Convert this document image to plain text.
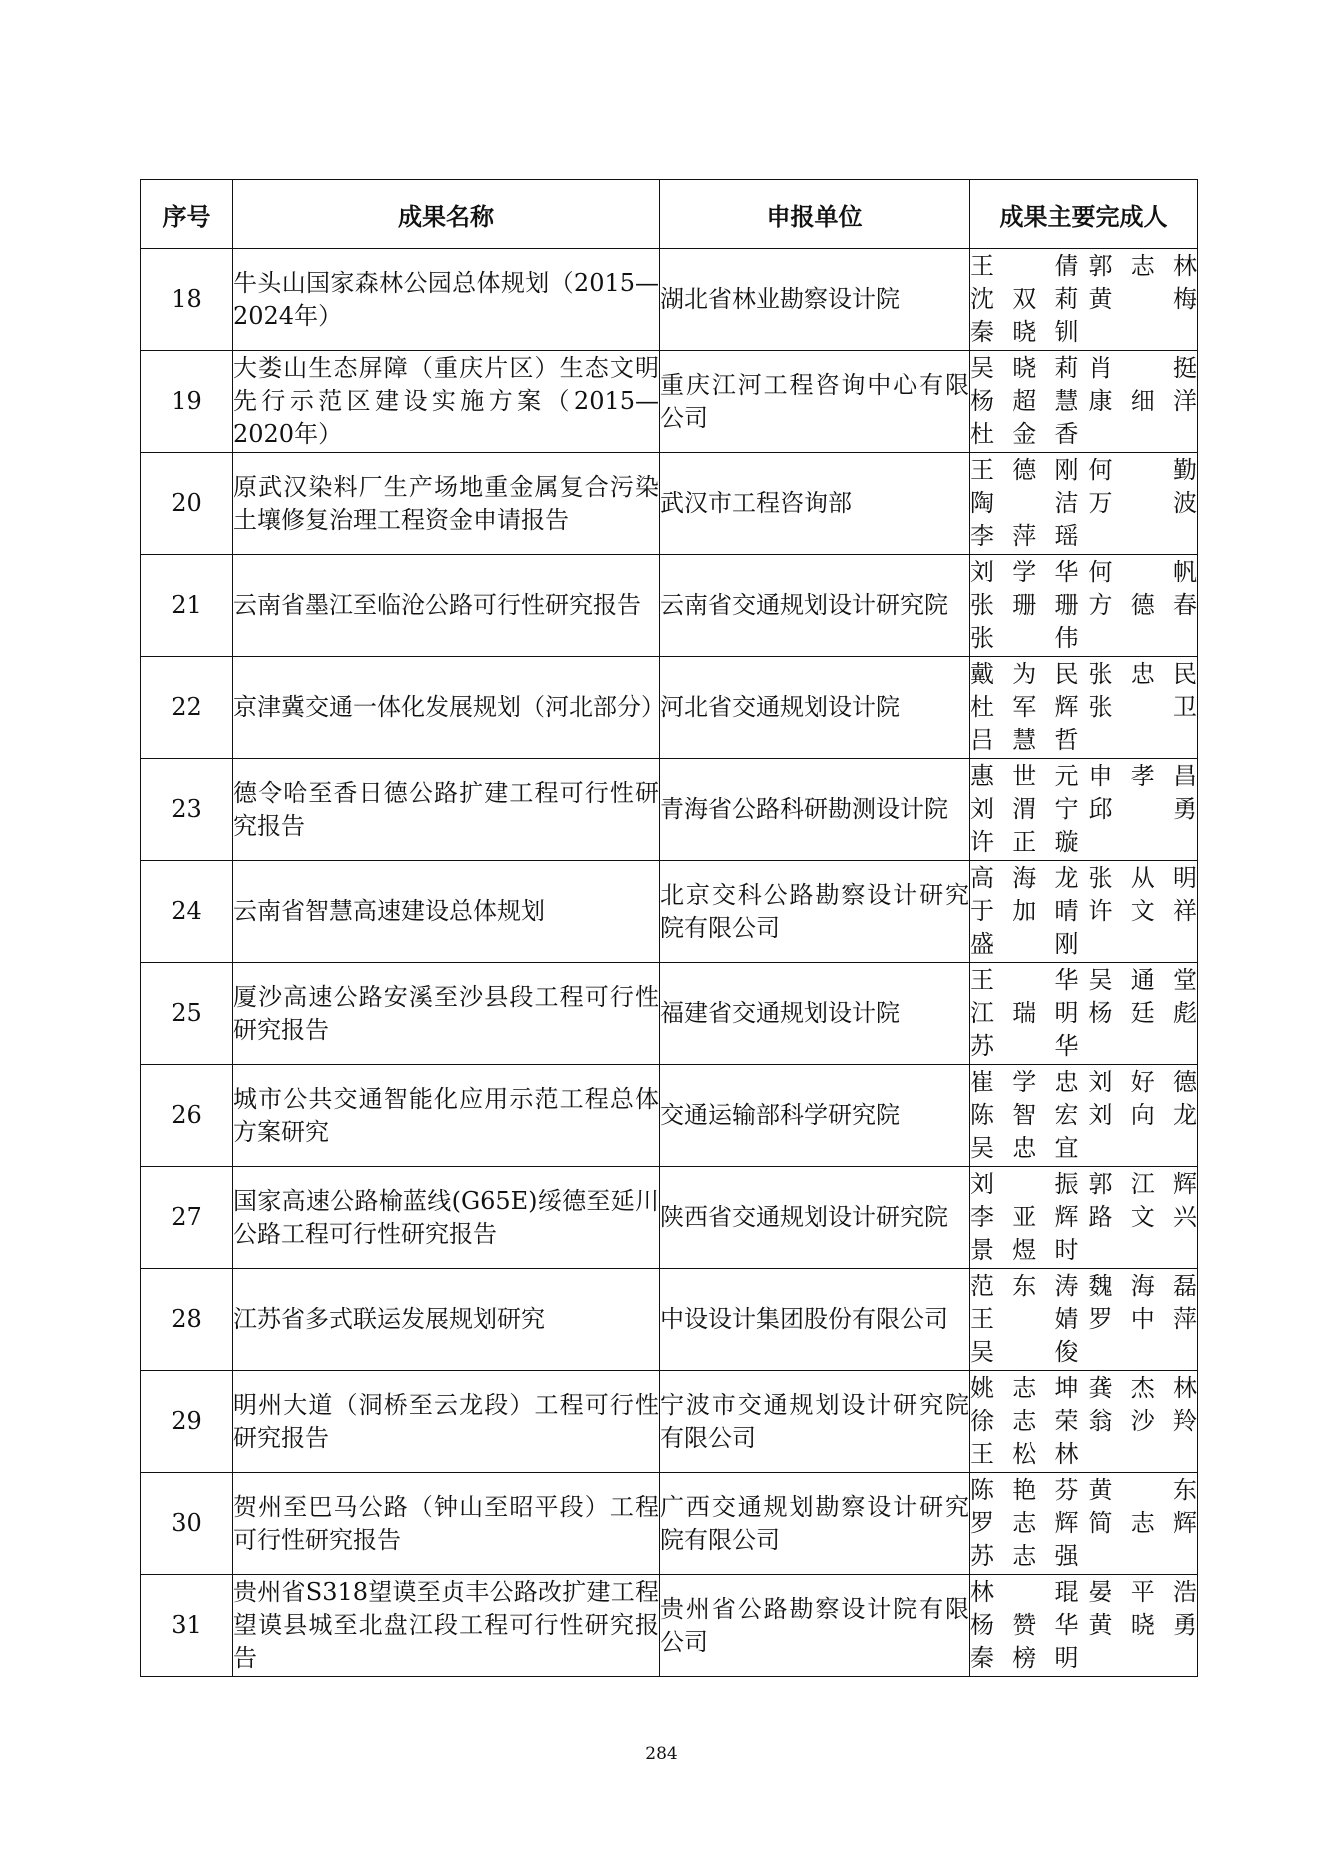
序号	成果名称	申报单位	成果主要完成人
18	牛头山国家森林公园总体规划（2015—2024年）	湖北省林业勘察设计院	王　倩 郭志林
沈双莉 黄　梅
秦晓钏

19	大娄山生态屏障（重庆片区）生态文明先行示范区建设实施方案（2015—2020年）	重庆江河工程咨询中心有限公司	吴晓莉 肖　挺
杨超慧 康细洋
杜金香

20	原武汉染料厂生产场地重金属复合污染土壤修复治理工程资金申请报告	武汉市工程咨询部	王德刚 何　勤
陶　洁 万　波
李萍瑶

21	云南省墨江至临沧公路可行性研究报告	云南省交通规划设计研究院	刘学华 何　帆
张珊珊 方德春
张　伟

22	京津冀交通一体化发展规划（河北部分）	河北省交通规划设计院	戴为民 张忠民
杜军辉 张　卫
吕慧哲

23	德令哈至香日德公路扩建工程可行性研究报告	青海省公路科研勘测设计院	惠世元 申孝昌
刘渭宁 邱　勇
许正璇

24	云南省智慧高速建设总体规划	北京交科公路勘察设计研究院有限公司	高海龙 张从明
于加晴 许文祥
盛　刚

25	厦沙高速公路安溪至沙县段工程可行性研究报告	福建省交通规划设计院	王　华 吴通堂
江瑞明 杨廷彪
苏　华

26	城市公共交通智能化应用示范工程总体方案研究	交通运输部科学研究院	崔学忠 刘好德
陈智宏 刘向龙
吴忠宜

27	国家高速公路榆蓝线(G65E)绥德至延川公路工程可行性研究报告	陕西省交通规划设计研究院	刘　振 郭江辉
李亚辉 路文兴
景煜时

28	江苏省多式联运发展规划研究	中设设计集团股份有限公司	范东涛 魏海磊
王　婧 罗中萍
吴　俊

29	明州大道（洞桥至云龙段）工程可行性研究报告	宁波市交通规划设计研究院有限公司	姚志坤 龚杰林
徐志荣 翁沙羚
王松林

30	贺州至巴马公路（钟山至昭平段）工程可行性研究报告	广西交通规划勘察设计研究院有限公司	陈艳芬 黄　东
罗志辉 简志辉
苏志强

31	贵州省S318望谟至贞丰公路改扩建工程望谟县城至北盘江段工程可行性研究报告	贵州省公路勘察设计院有限公司	林　琨 晏平浩
杨赞华 黄晓勇
秦榜明
284
